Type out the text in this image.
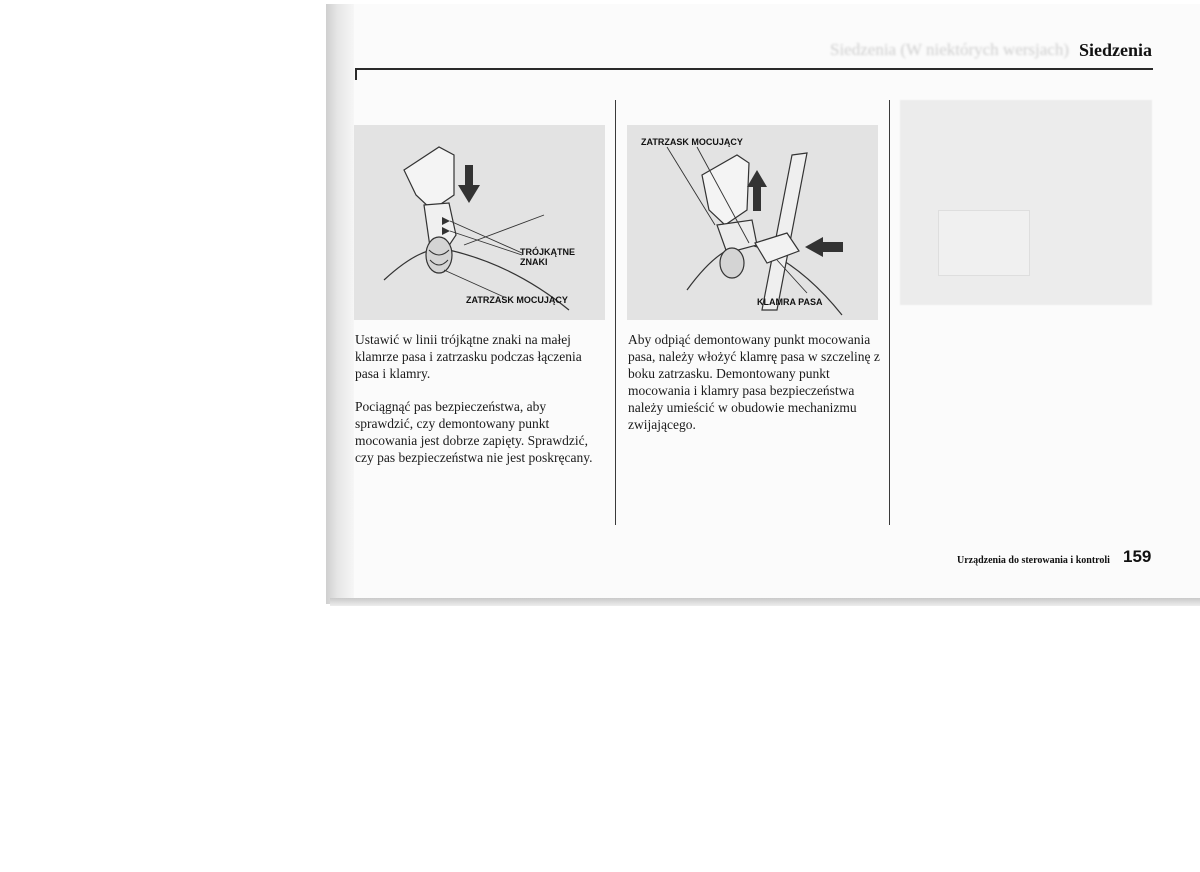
Siedzenia (W niektórych wersjach) Siedzenia
TRÓJKĄTNE
ZNAKI
ZATRZASK MOCUJĄCY
ZATRZASK MOCUJĄCY
KLAMRA PASA

Ustawić w linii trójkątne znaki na małej klamrze pasa i zatrzasku podczas łączenia pasa i klamry.

Pociągnąć pas bezpieczeństwa, aby sprawdzić, czy demontowany punkt mocowania jest dobrze zapięty. Sprawdzić, czy pas bezpieczeństwa nie jest poskręcany.

Aby odpiąć demontowany punkt mocowania pasa, należy włożyć klamrę pasa w szczelinę z boku zatrzasku. Demontowany punkt mocowania i klamry pasa bezpieczeństwa należy umieścić w obudowie mechanizmu zwijającego.

Urządzenia do sterowania i kontroli 159
